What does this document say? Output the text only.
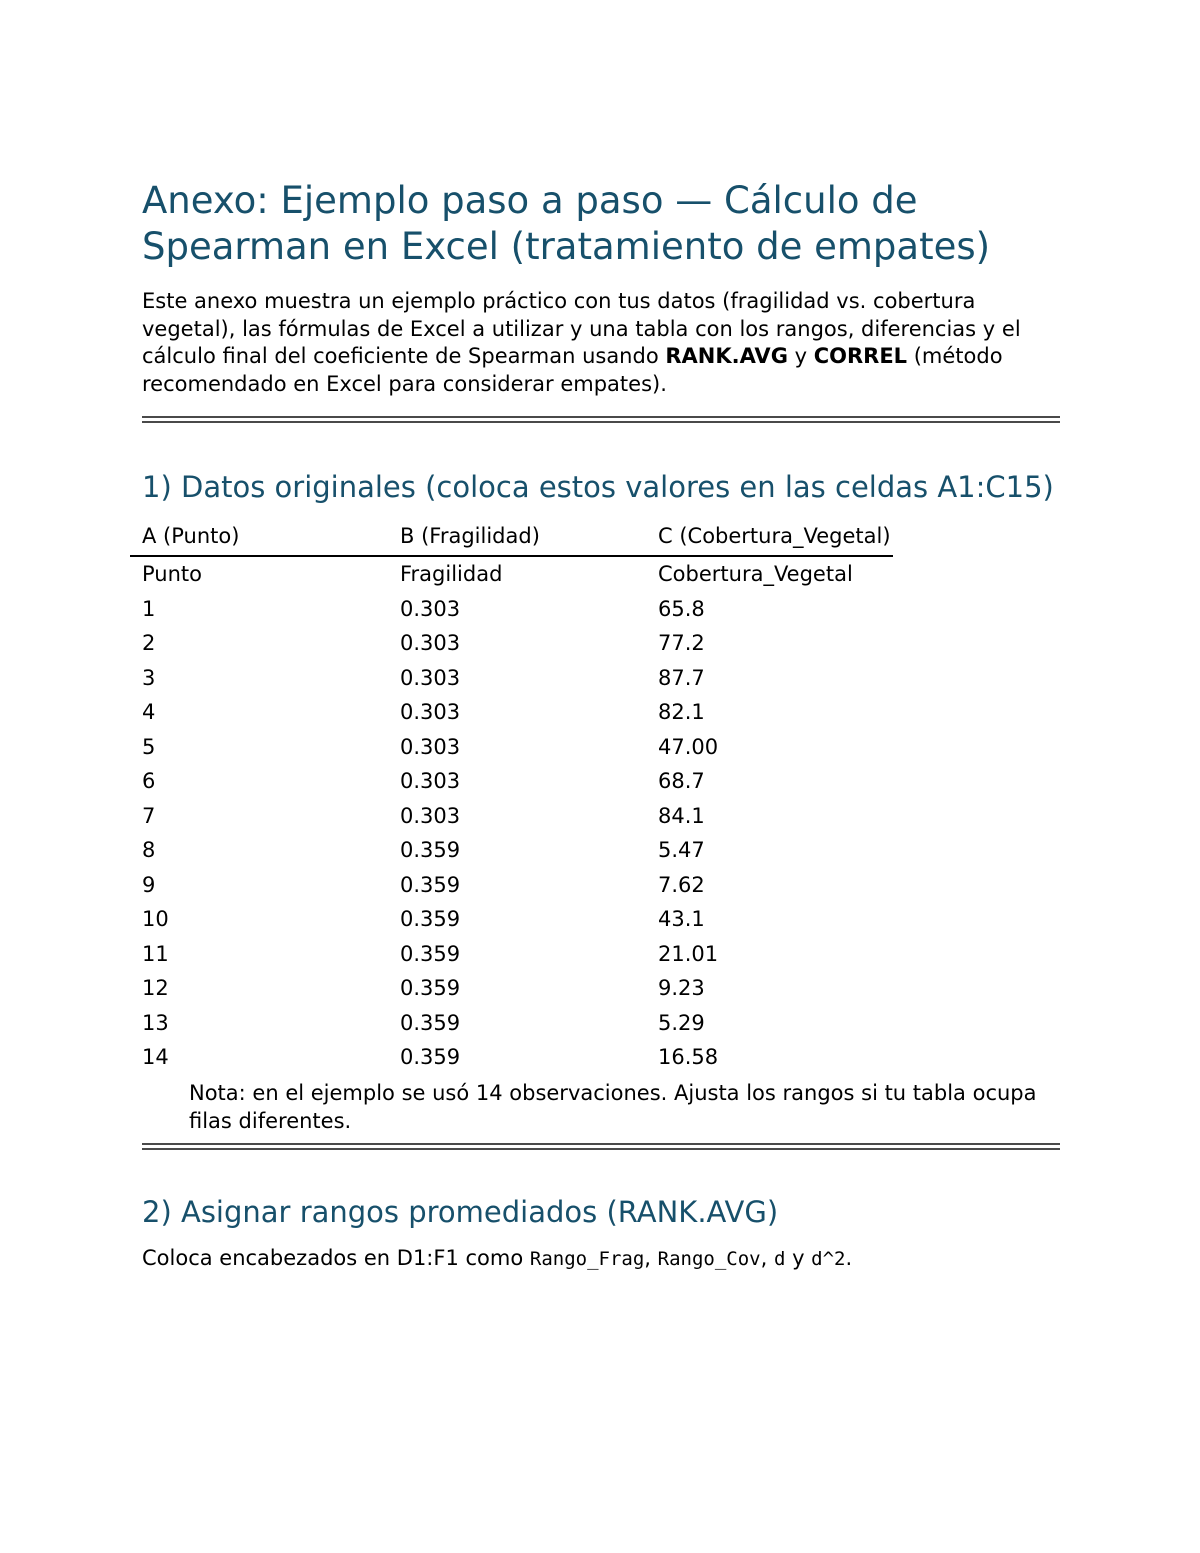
Anexo: Ejemplo paso a paso — Cálculo de Spearman en Excel (tratamiento de empates)

Este anexo muestra un ejemplo práctico con tus datos (fragilidad vs. cobertura vegetal), las fórmulas de Excel a utilizar y una tabla con los rangos, diferencias y el cálculo final del coeficiente de Spearman usando RANK.AVG y CORREL (método recomendado en Excel para considerar empates).

1) Datos originales (coloca estos valores en las celdas A1:C15)
A (Punto)	B (Fragilidad)	C (Cobertura_Vegetal)
Punto	Fragilidad	Cobertura_Vegetal
1	0.303	65.8
2	0.303	77.2
3	0.303	87.7
4	0.303	82.1
5	0.303	47.00
6	0.303	68.7
7	0.303	84.1
8	0.359	5.47
9	0.359	7.62
10	0.359	43.1
11	0.359	21.01
12	0.359	9.23
13	0.359	5.29
14	0.359	16.58

Nota: en el ejemplo se usó 14 observaciones. Ajusta los rangos si tu tabla ocupa filas diferentes.

2) Asignar rangos promediados (RANK.AVG)

Coloca encabezados en D1:F1 como Rango_Frag, Rango_Cov, d y d^2.
